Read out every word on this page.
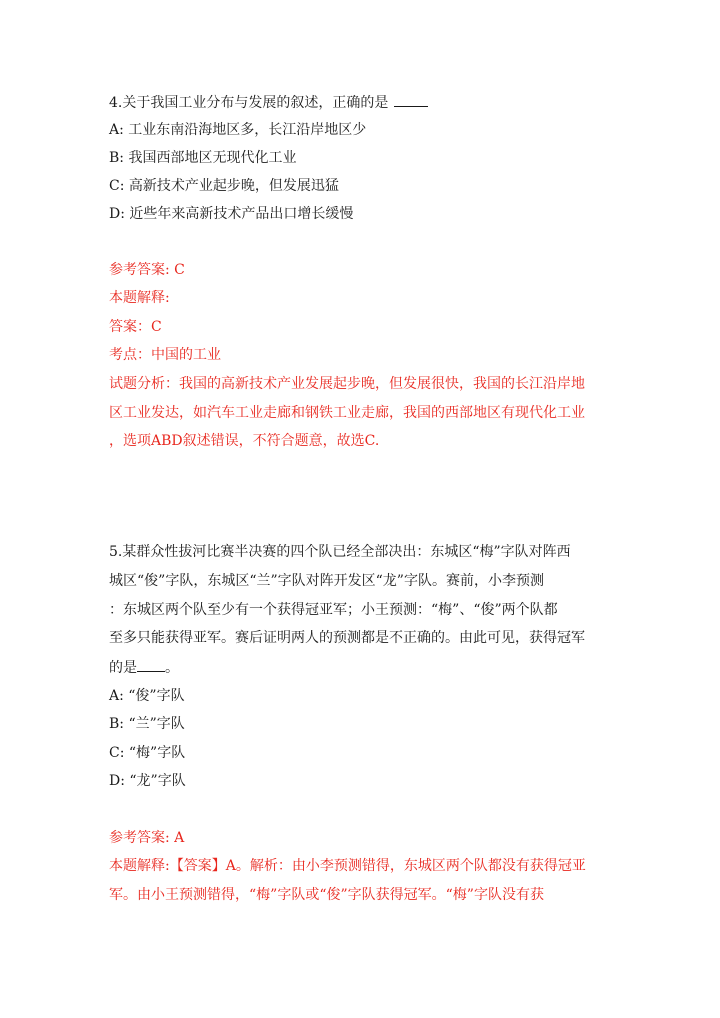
4.关于我国工业分布与发展的叙述，正确的是
A: 工业东南沿海地区多，长江沿岸地区少
B: 我国西部地区无现代化工业
C: 高新技术产业起步晚，但发展迅猛
D: 近些年来高新技术产品出口增长缓慢
参考答案: C
本题解释:
答案：C
考点：中国的工业
试题分析：我国的高新技术产业发展起步晚，但发展很快，我国的长江沿岸地
区工业发达，如汽车工业走廊和钢铁工业走廊，我国的西部地区有现代化工业
，选项ABD叙述错误，不符合题意，故选C.
5.某群众性拔河比赛半决赛的四个队已经全部决出：东城区“梅”字队对阵西
城区“俊”字队，东城区“兰”字队对阵开发区“龙”字队。赛前，小李预测
：东城区两个队至少有一个获得冠亚军；小王预测：“梅”、“俊”两个队都
至多只能获得亚军。赛后证明两人的预测都是不正确的。由此可见，获得冠军
的是 。
A: “俊”字队
B: “兰”字队
C: “梅”字队
D: “龙”字队
参考答案: A
本题解释:【答案】A。解析：由小李预测错得，东城区两个队都没有获得冠亚
军。由小王预测错得，“梅”字队或“俊”字队获得冠军。“梅”字队没有获
